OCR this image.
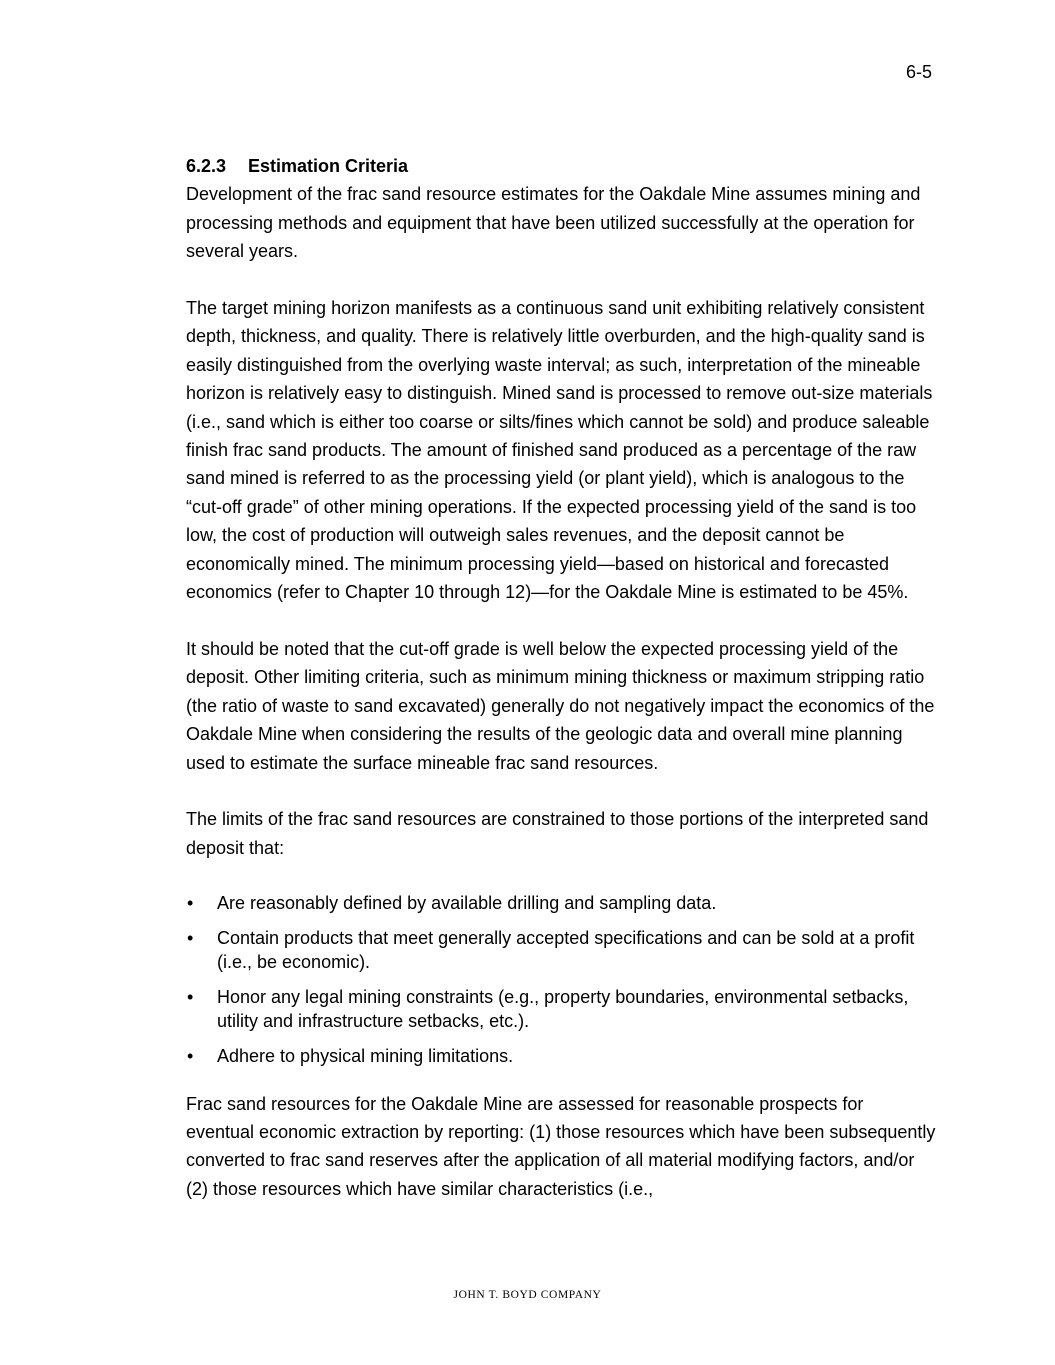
6-5
6.2.3 Estimation Criteria

Development of the frac sand resource estimates for the Oakdale Mine assumes mining and processing methods and equipment that have been utilized successfully at the operation for several years.

The target mining horizon manifests as a continuous sand unit exhibiting relatively consistent depth, thickness, and quality. There is relatively little overburden, and the high-quality sand is easily distinguished from the overlying waste interval; as such, interpretation of the mineable horizon is relatively easy to distinguish. Mined sand is processed to remove out-size materials (i.e., sand which is either too coarse or silts/fines which cannot be sold) and produce saleable finish frac sand products. The amount of finished sand produced as a percentage of the raw sand mined is referred to as the processing yield (or plant yield), which is analogous to the “cut-off grade” of other mining operations. If the expected processing yield of the sand is too low, the cost of production will outweigh sales revenues, and the deposit cannot be economically mined. The minimum processing yield—based on historical and forecasted economics (refer to Chapter 10 through 12)—for the Oakdale Mine is estimated to be 45%.

It should be noted that the cut-off grade is well below the expected processing yield of the deposit. Other limiting criteria, such as minimum mining thickness or maximum stripping ratio (the ratio of waste to sand excavated) generally do not negatively impact the economics of the Oakdale Mine when considering the results of the geologic data and overall mine planning used to estimate the surface mineable frac sand resources.

The limits of the frac sand resources are constrained to those portions of the interpreted sand deposit that:

• Are reasonably defined by available drilling and sampling data.
• Contain products that meet generally accepted specifications and can be sold at a profit (i.e., be economic).
• Honor any legal mining constraints (e.g., property boundaries, environmental setbacks, utility and infrastructure setbacks, etc.).
• Adhere to physical mining limitations.

Frac sand resources for the Oakdale Mine are assessed for reasonable prospects for eventual economic extraction by reporting: (1) those resources which have been subsequently converted to frac sand reserves after the application of all material modifying factors, and/or (2) those resources which have similar characteristics (i.e.,

JOHN T. BOYD COMPANY
